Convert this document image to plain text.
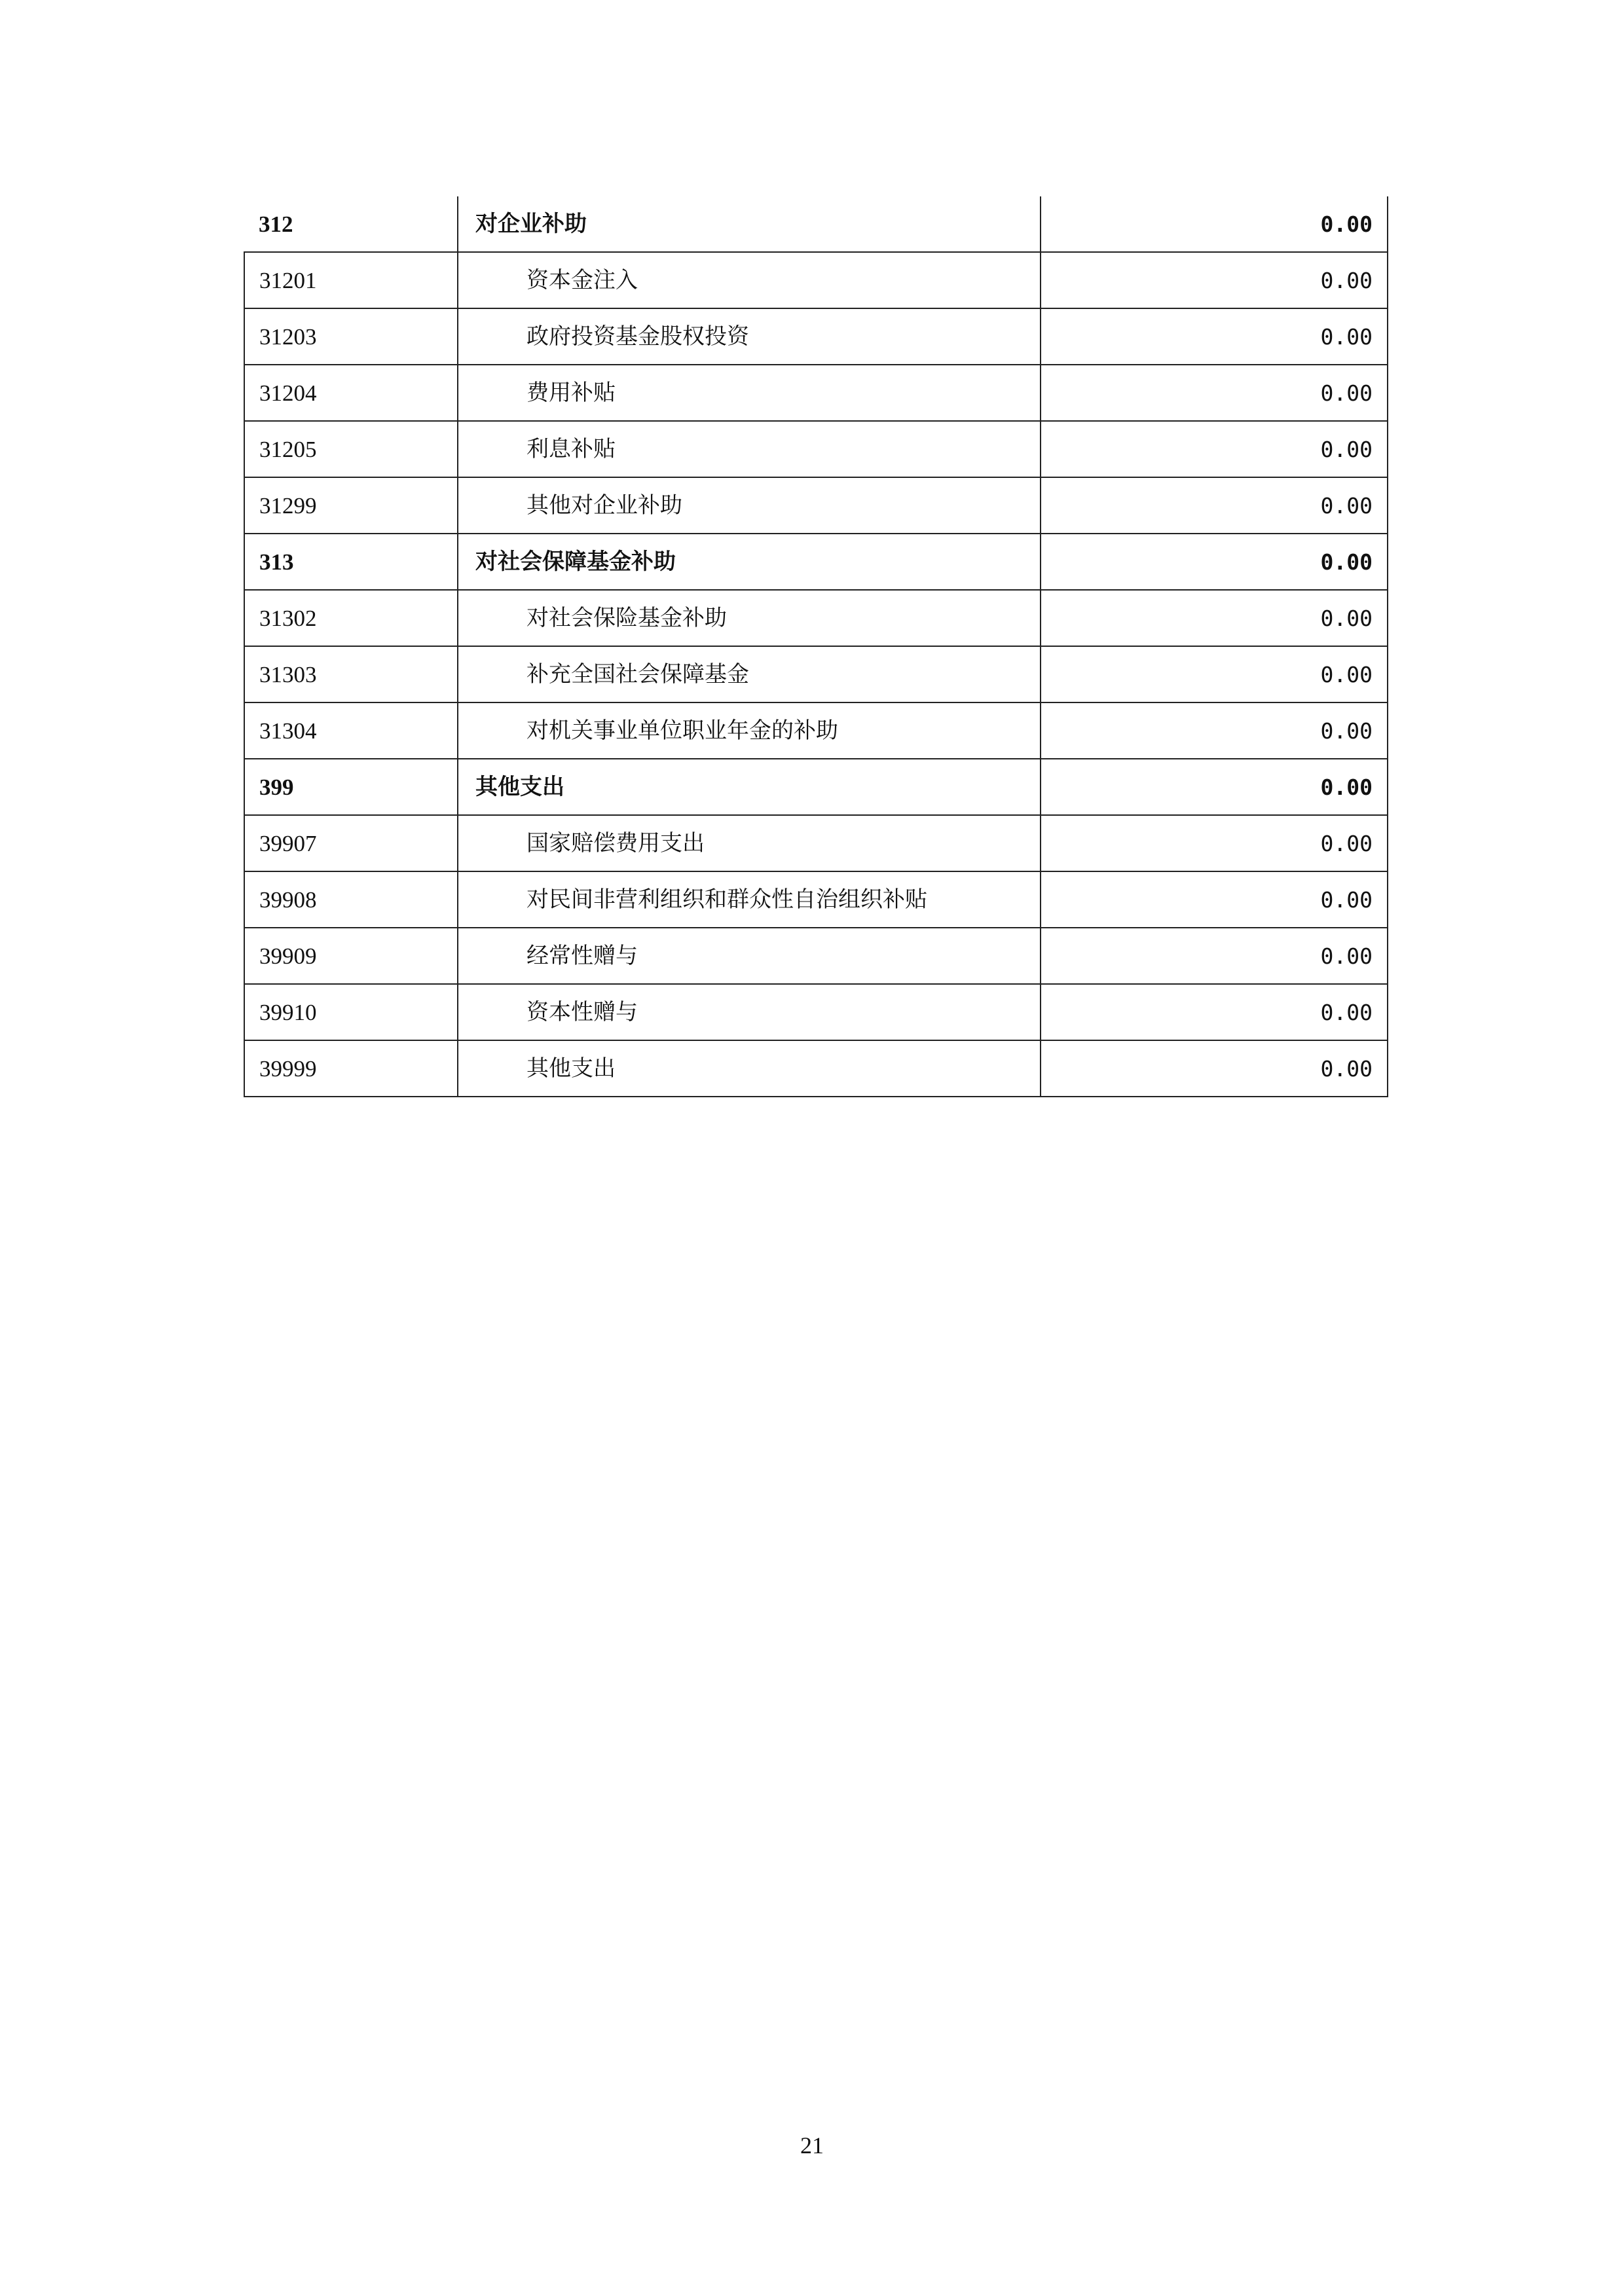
312	对企业补助	0.00
31201	资本金注入	0.00
31203	政府投资基金股权投资	0.00
31204	费用补贴	0.00
31205	利息补贴	0.00
31299	其他对企业补助	0.00
313	对社会保障基金补助	0.00
31302	对社会保险基金补助	0.00
31303	补充全国社会保障基金	0.00
31304	对机关事业单位职业年金的补助	0.00
399	其他支出	0.00
39907	国家赔偿费用支出	0.00
39908	对民间非营利组织和群众性自治组织补贴	0.00
39909	经常性赠与	0.00
39910	资本性赠与	0.00
39999	其他支出	0.00
21
